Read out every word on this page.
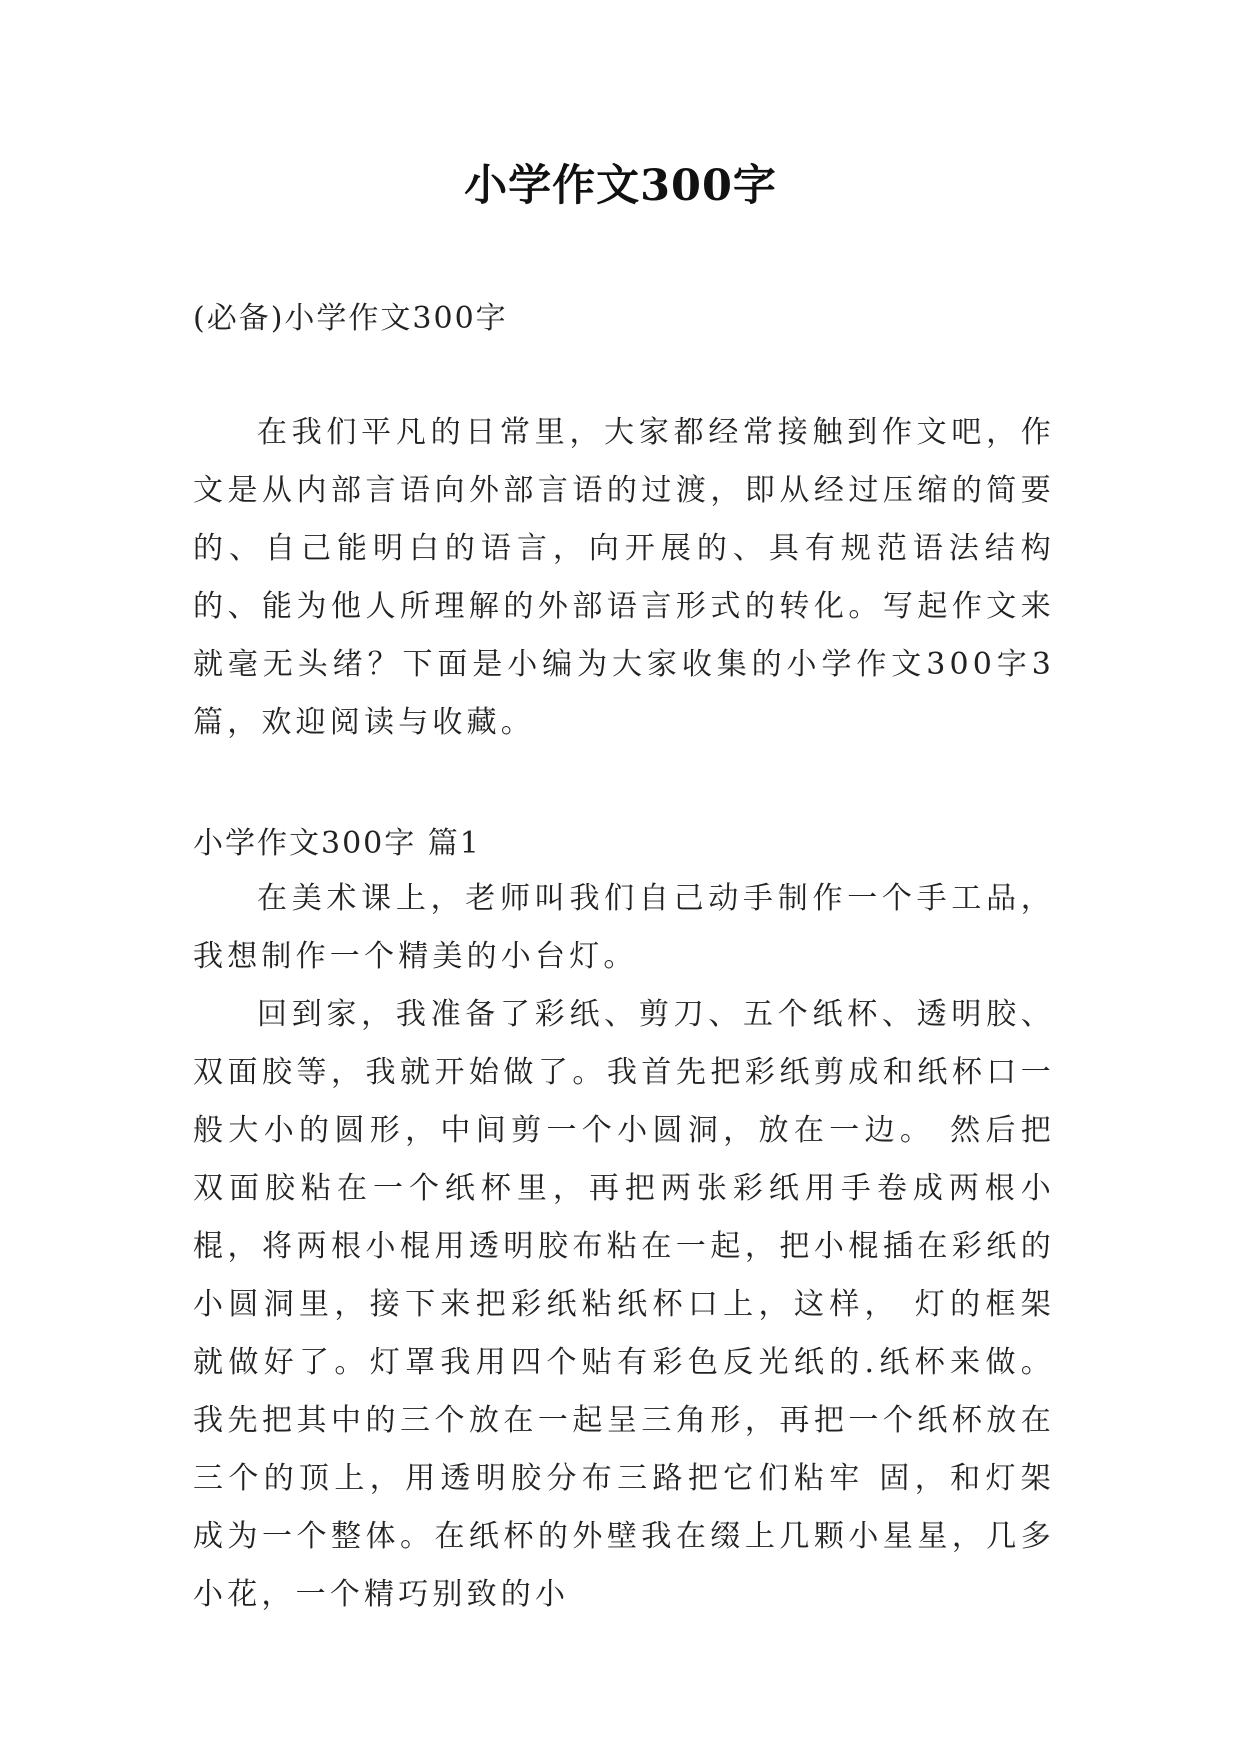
小学作文300字
(必备)小学作文300字

在我们平凡的日常里，大家都经常接触到作文吧，作文是从内部言语向外部言语的过渡，即从经过压缩的简要的、自己能明白的语言，向开展的、具有规范语法结构的、能为他人所理解的外部语言形式的转化。写起作文来就毫无头绪？下面是小编为大家收集的小学作文300字3篇，欢迎阅读与收藏。

小学作文300字 篇1

在美术课上，老师叫我们自己动手制作一个手工品，我想制作一个精美的小台灯。

回到家，我准备了彩纸、剪刀、五个纸杯、透明胶、双面胶等，我就开始做了。我首先把彩纸剪成和纸杯口一般大小的圆形，中间剪一个小圆洞，放在一边。 然后把双面胶粘在一个纸杯里，再把两张彩纸用手卷成两根小棍，将两根小棍用透明胶布粘在一起，把小棍插在彩纸的小圆洞里，接下来把彩纸粘纸杯口上，这样， 灯的框架就做好了。灯罩我用四个贴有彩色反光纸的.纸杯来做。我先把其中的三个放在一起呈三角形，再把一个纸杯放在三个的顶上，用透明胶分布三路把它们粘牢 固，和灯架成为一个整体。在纸杯的外壁我在缀上几颗小星星，几多小花，一个精巧别致的小
